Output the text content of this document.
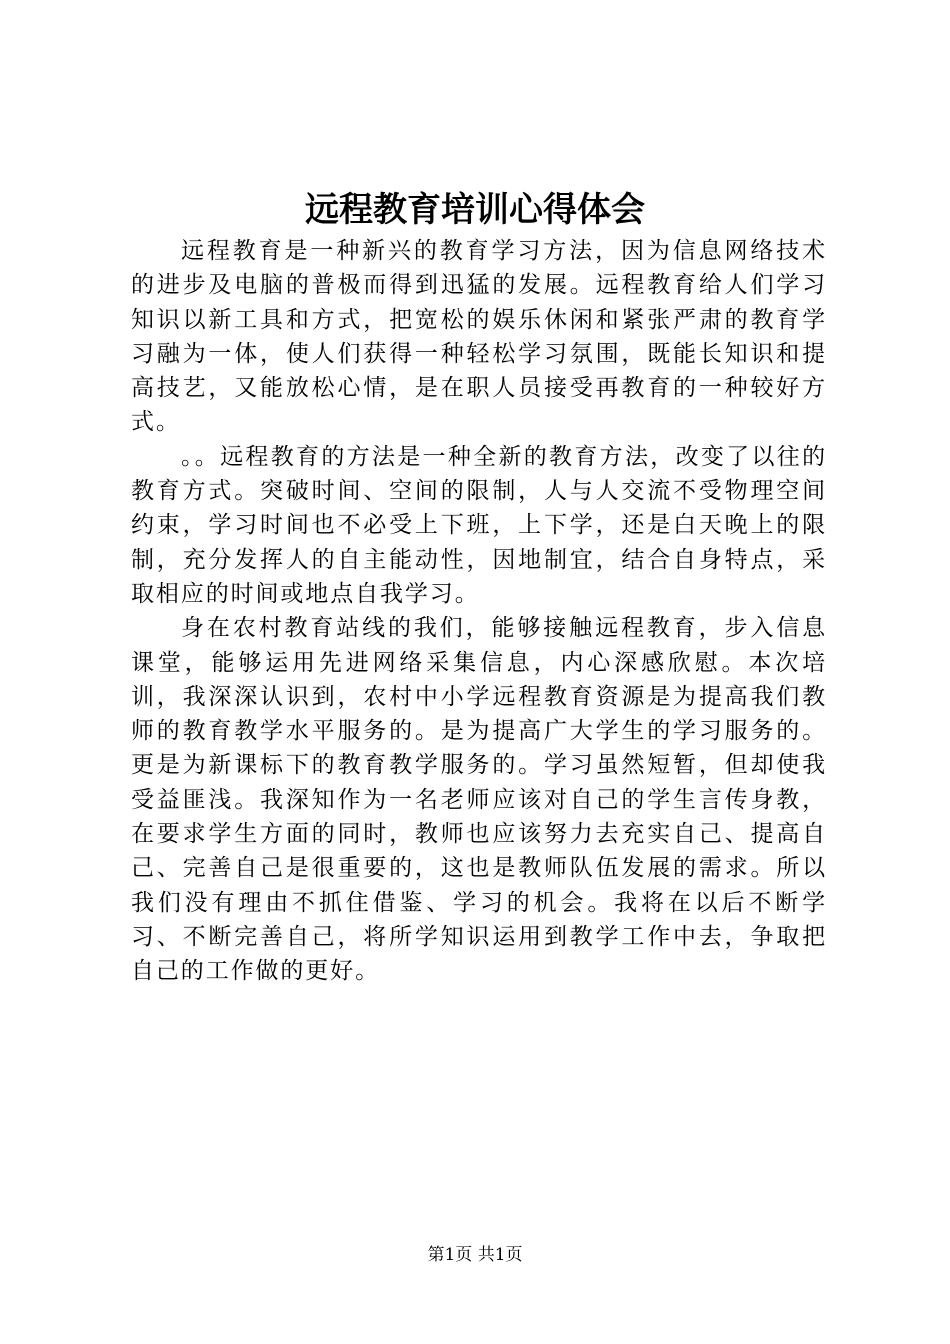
远程教育培训心得体会

远程教育是一种新兴的教育学习方法，因为信息网络技术的进步及电脑的普极而得到迅猛的发展。远程教育给人们学习知识以新工具和方式，把宽松的娱乐休闲和紧张严肃的教育学习融为一体，使人们获得一种轻松学习氛围，既能长知识和提高技艺，又能放松心情，是在职人员接受再教育的一种较好方式。

。。远程教育的方法是一种全新的教育方法，改变了以往的教育方式。突破时间、空间的限制，人与人交流不受物理空间约束，学习时间也不必受上下班，上下学，还是白天晚上的限制，充分发挥人的自主能动性，因地制宜，结合自身特点，采取相应的时间或地点自我学习。

身在农村教育站线的我们，能够接触远程教育，步入信息课堂，能够运用先进网络采集信息，内心深感欣慰。本次培训，我深深认识到，农村中小学远程教育资源是为提高我们教师的教育教学水平服务的。是为提高广大学生的学习服务的。更是为新课标下的教育教学服务的。学习虽然短暂，但却使我受益匪浅。我深知作为一名老师应该对自己的学生言传身教，在要求学生方面的同时，教师也应该努力去充实自己、提高自己、完善自己是很重要的，这也是教师队伍发展的需求。所以我们没有理由不抓住借鉴、学习的机会。我将在以后不断学习、不断完善自己，将所学知识运用到教学工作中去，争取把自己的工作做的更好。

第1页 共1页
